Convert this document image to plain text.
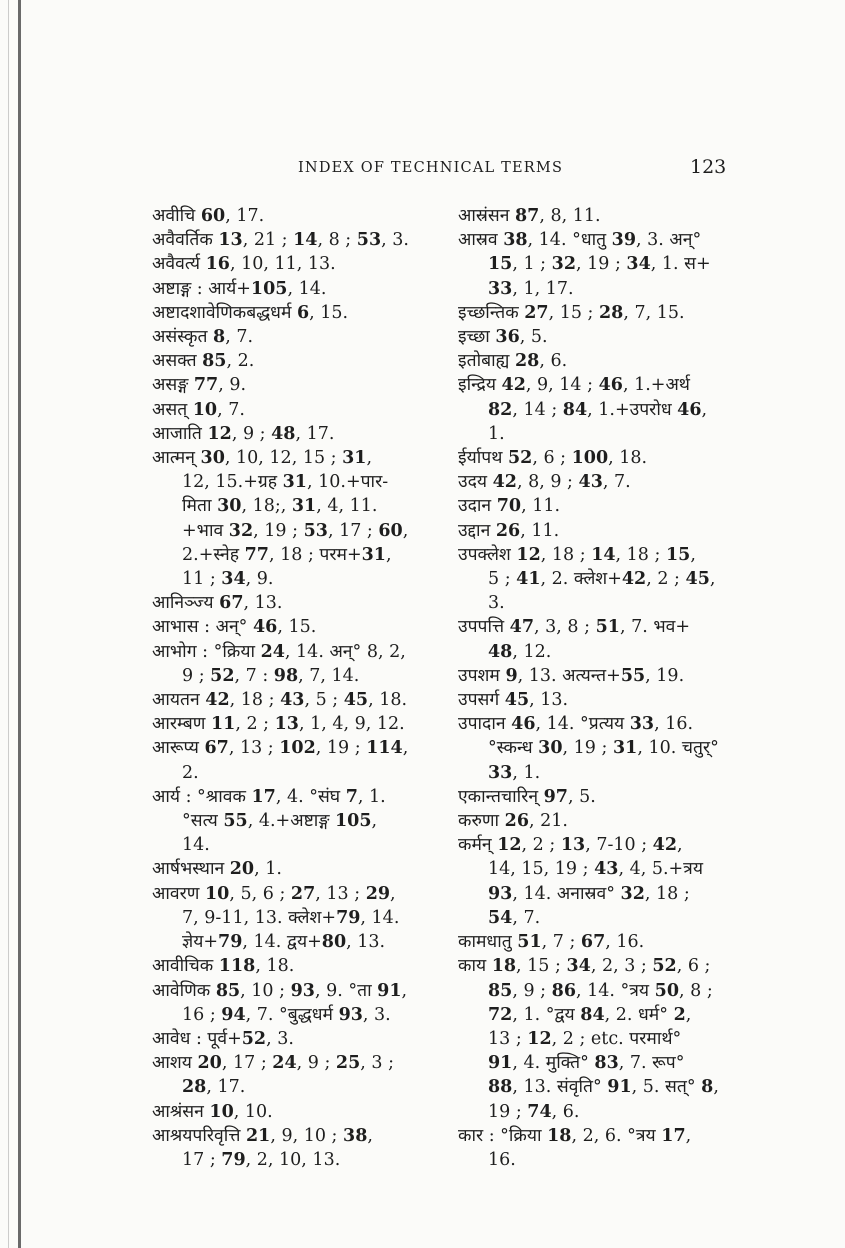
INDEX OF TECHNICAL TERMS	123
अवीचि 60, 17.
अवैवर्तिक 13, 21 ; 14, 8 ; 53, 3.
अवैवर्त्य 16, 10, 11, 13.
अष्टाङ्ग : आर्य+105, 14.
अष्टादशावेणिकबद्धधर्म 6, 15.
असंस्कृत 8, 7.
असक्त 85, 2.
असङ्ग 77, 9.
असत् 10, 7.
आजाति 12, 9 ; 48, 17.
आत्मन् 30, 10, 12, 15 ; 31,
12, 15.+ग्रह 31, 10.+पार-
मिता 30, 18;, 31, 4, 11.
+भाव 32, 19 ; 53, 17 ; 60,
2.+स्नेह 77, 18 ; परम+31,
11 ; 34, 9.
आनिञ्ज्य 67, 13.
आभास : अन्° 46, 15.
आभोग : °क्रिया 24, 14. अन्° 8, 2,
9 ; 52, 7 : 98, 7, 14.
आयतन 42, 18 ; 43, 5 ; 45, 18.
आरम्बण 11, 2 ; 13, 1, 4, 9, 12.
आरूप्य 67, 13 ; 102, 19 ; 114,
2.
आर्य : °श्रावक 17, 4. °संघ 7, 1.
°सत्य 55, 4.+अष्टाङ्ग 105,
14.
आर्षभस्थान 20, 1.
आवरण 10, 5, 6 ; 27, 13 ; 29,
7, 9-11, 13. क्लेश+79, 14.
ज्ञेय+79, 14. द्वय+80, 13.
आवीचिक 118, 18.
आवेणिक 85, 10 ; 93, 9. °ता 91,
16 ; 94, 7. °बुद्धधर्म 93, 3.
आवेध : पूर्व+52, 3.
आशय 20, 17 ; 24, 9 ; 25, 3 ;
28, 17.
आश्रंसन 10, 10.
आश्रयपरिवृत्ति 21, 9, 10 ; 38,
17 ; 79, 2, 10, 13.
आस्रंसन 87, 8, 11.
आस्रव 38, 14. °धातु 39, 3. अन्°
15, 1 ; 32, 19 ; 34, 1. स+
33, 1, 17.
इच्छन्तिक 27, 15 ; 28, 7, 15.
इच्छा 36, 5.
इतोबाह्य 28, 6.
इन्द्रिय 42, 9, 14 ; 46, 1.+अर्थ
82, 14 ; 84, 1.+उपरोध 46,
1.
ईर्यापथ 52, 6 ; 100, 18.
उदय 42, 8, 9 ; 43, 7.
उदान 70, 11.
उद्दान 26, 11.
उपक्लेश 12, 18 ; 14, 18 ; 15,
5 ; 41, 2. क्लेश+42, 2 ; 45,
3.
उपपत्ति 47, 3, 8 ; 51, 7. भव+
48, 12.
उपशम 9, 13. अत्यन्त+55, 19.
उपसर्ग 45, 13.
उपादान 46, 14. °प्रत्यय 33, 16.
°स्कन्ध 30, 19 ; 31, 10. चतुर्°
33, 1.
एकान्तचारिन् 97, 5.
करुणा 26, 21.
कर्मन् 12, 2 ; 13, 7-10 ; 42,
14, 15, 19 ; 43, 4, 5.+त्रय
93, 14. अनास्रव° 32, 18 ;
54, 7.
कामधातु 51, 7 ; 67, 16.
काय 18, 15 ; 34, 2, 3 ; 52, 6 ;
85, 9 ; 86, 14. °त्रय 50, 8 ;
72, 1. °द्वय 84, 2. धर्म° 2,
13 ; 12, 2 ; etc. परमार्थ°
91, 4. मुक्ति° 83, 7. रूप°
88, 13. संवृति° 91, 5. सत्° 8,
19 ; 74, 6.
कार : °क्रिया 18, 2, 6. °त्रय 17,
16.
